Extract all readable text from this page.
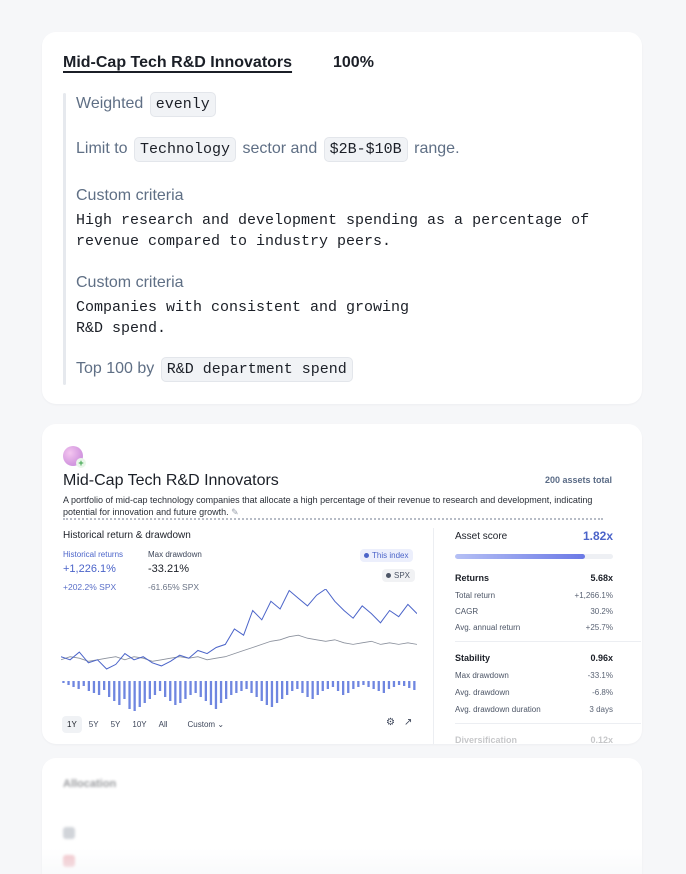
Mid-Cap Tech R&D Innovators	100%
Weighted evenly
Limit to Technology sector and $2B-$10B range.
Custom criteria
High research and development spending as a percentage of revenue compared to industry peers.
Custom criteria
Companies with consistent and growing R&D spend.
Top 100 by R&D department spend
+
Mid-Cap Tech R&D Innovators	200 assets total
A portfolio of mid-cap technology companies that allocate a high percentage of their revenue to research and development, indicating potential for innovation and future growth. ✎
Historical return & drawdown
Historical returns
+1,226.1%
+202.2% SPX
Max drawdown
-33.21%
-61.65% SPX
This index
SPX
1Y	5Y	5Y	10Y	All	Custom ⌄	⚙ ↗
Asset score	1.82x
Returns	5.68x
Total return	+1,266.1%
CAGR	30.2%
Avg. annual return	+25.7%
Stability	0.96x
Max drawdown	-33.1%
Avg. drawdown	-6.8%
Avg. drawdown duration	3 days
Diversification	0.12x
Allocation
